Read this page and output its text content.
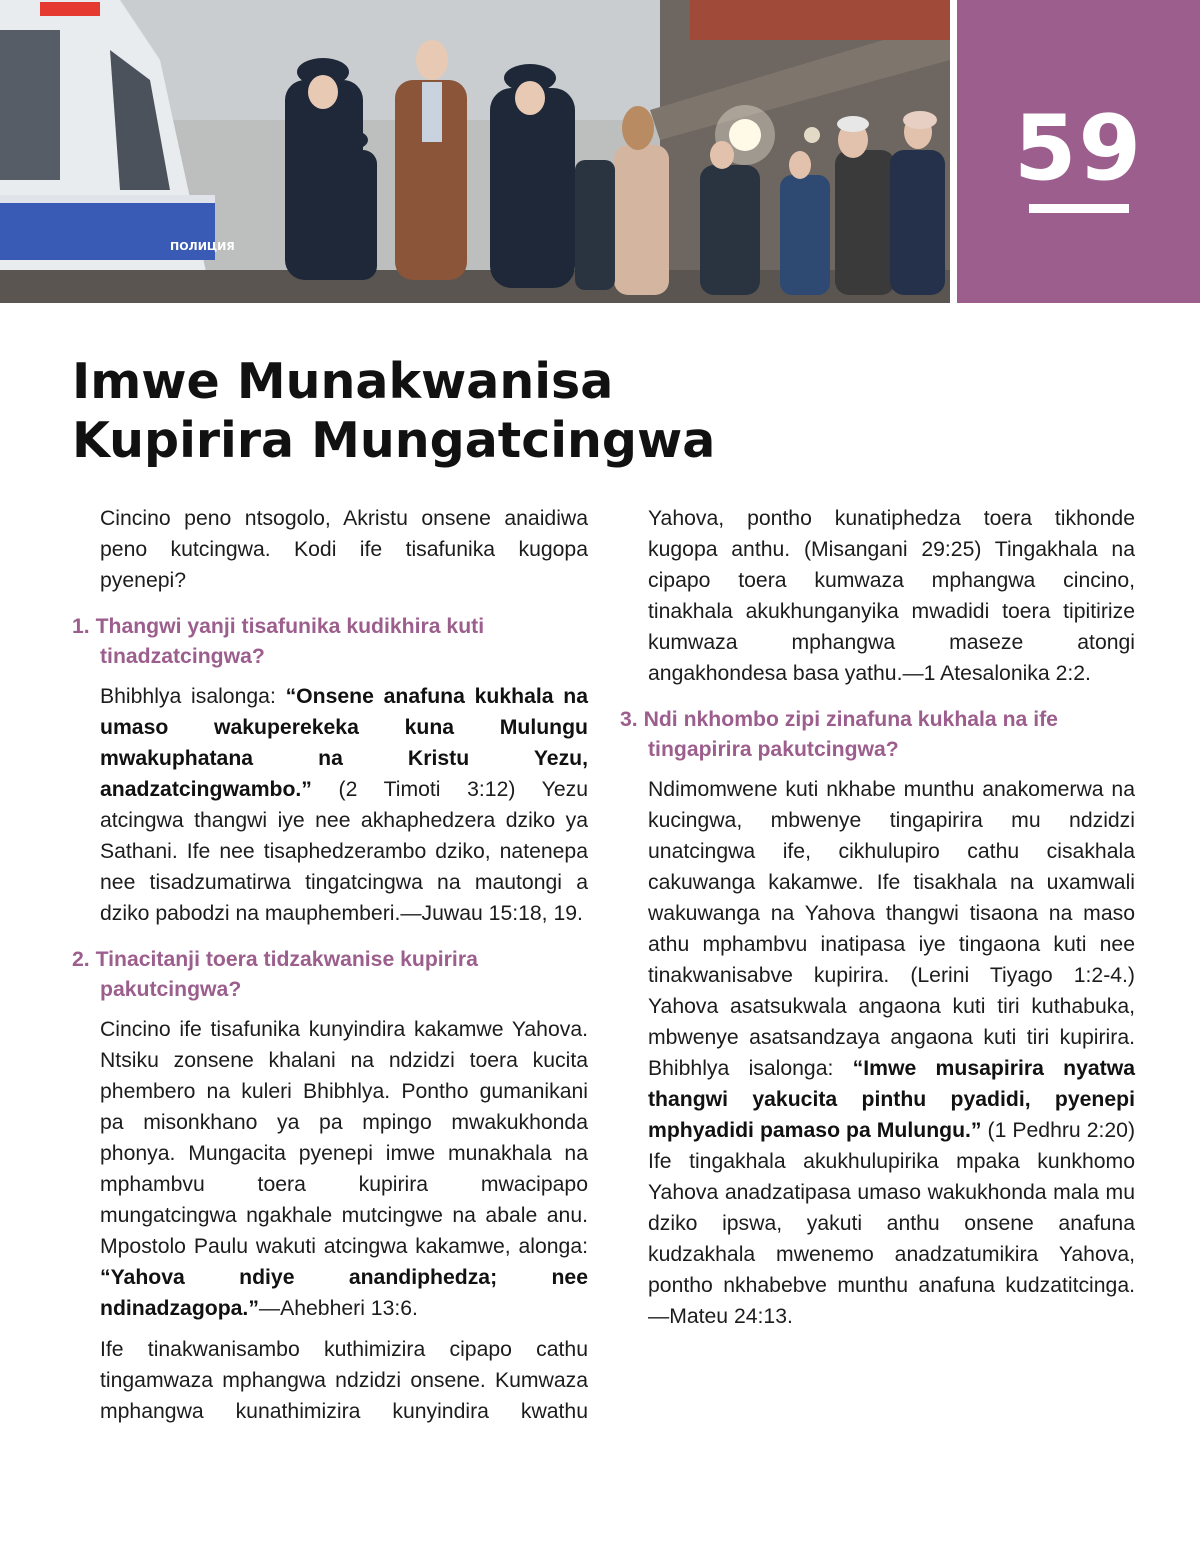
ПОЛИЦИЯ
59
Imwe Munakwanisa
Kupirira Mungatcingwa

Cincino peno ntsogolo, Akristu onsene anaidiwa peno kutcingwa. Kodi ife tisafunika kugopa pyenepi?

1. Thangwi yanji tisafunika kudikhira kuti tinadzatcingwa?

Bhibhlya isalonga: “Onsene anafuna kukhala na umaso wakuperekeka kuna Mulungu mwakuphatana na Kristu Yezu, anadzatcingwambo.” (2 Timoti 3:12) Yezu atcingwa thangwi iye nee akhaphedzera dziko ya Sathani. Ife nee tisaphedzerambo dziko, natenepa nee tisadzumatirwa tingatcingwa na mautongi a dziko pabodzi na mauphemberi.—Juwau 15:18, 19.

2. Tinacitanji toera tidzakwanise kupirira pakutcingwa?

Cincino ife tisafunika kunyindira kakamwe Yahova. Ntsiku zonsene khalani na ndzidzi toera kucita phembero na kuleri Bhibhlya. Pontho gumanikani pa misonkhano ya pa mpingo mwakukhonda phonya. Mungacita pyenepi imwe munakhala na mphambvu toera kupirira mwacipapo mungatcingwa ngakhale mutcingwe na abale anu. Mpostolo Paulu wakuti atcingwa kakamwe, alonga: “Yahova ndiye anandiphedza; nee ndinadzagopa.”—Ahebheri 13:6.

Ife tinakwanisambo kuthimizira cipapo cathu tingamwaza mphangwa ndzidzi onsene. Kumwaza mphangwa kunathimizira kunyindira kwathu

Yahova, pontho kunatiphedza toera tikhonde kugopa anthu. (Misangani 29:25) Tingakhala na cipapo toera kumwaza mphangwa cincino, tinakhala akukhunganyika mwadidi toera tipitirize kumwaza mphangwa maseze atongi angakhondesa basa yathu.—1 Atesalonika 2:2.

3. Ndi nkhombo zipi zinafuna kukhala na ife tingapirira pakutcingwa?

Ndimomwene kuti nkhabe munthu anakomerwa na kucingwa, mbwenye tingapirira mu ndzidzi unatcingwa ife, cikhulupiro cathu cisakhala cakuwanga kakamwe. Ife tisakhala na uxamwali wakuwanga na Yahova thangwi tisaona na maso athu mphambvu inatipasa iye tingaona kuti nee tinakwanisabve kupirira. (Lerini Tiyago 1:2-4.) Yahova asatsukwala angaona kuti tiri kuthabuka, mbwenye asatsandzaya angaona kuti tiri kupirira. Bhibhlya isalonga: “Imwe musapirira nyatwa thangwi yakucita pinthu pyadidi, pyenepi mphyadidi pamaso pa Mulungu.” (1 Pedhru 2:20) Ife tingakhala akukhulupirika mpaka kunkhomo Yahova anadzatipasa umaso wakukhonda mala mu dziko ipswa, yakuti anthu onsene anafuna kudzakhala mwenemo anadzatumikira Yahova, pontho nkhabebve munthu anafuna kudzatitcinga.—Mateu 24:13.
